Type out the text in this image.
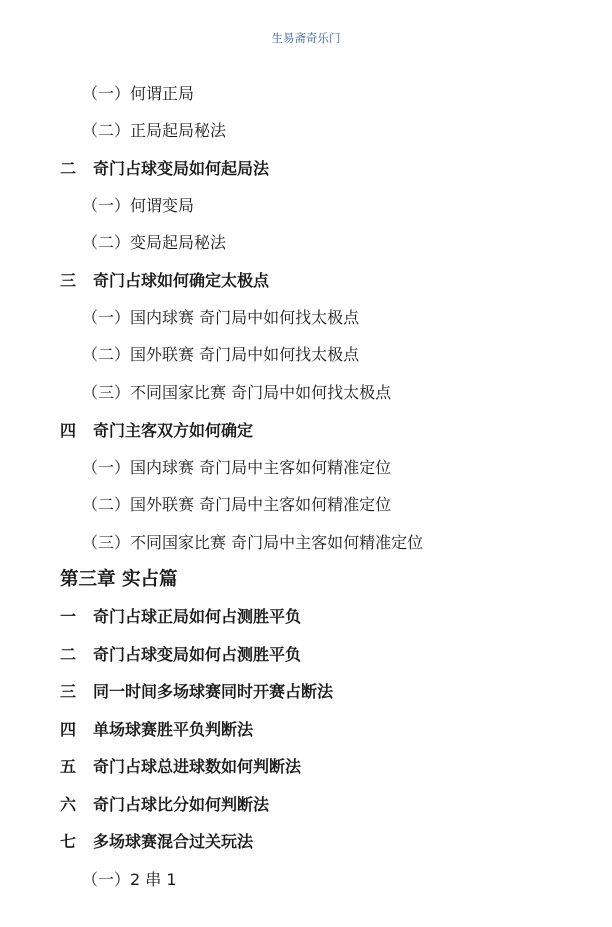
生易斋奇乐门
（一）何谓正局
（二）正局起局秘法
二 奇门占球变局如何起局法
（一）何谓变局
（二）变局起局秘法
三 奇门占球如何确定太极点
（一）国内球赛 奇门局中如何找太极点
（二）国外联赛 奇门局中如何找太极点
（三）不同国家比赛 奇门局中如何找太极点
四 奇门主客双方如何确定
（一）国内球赛 奇门局中主客如何精准定位
（二）国外联赛 奇门局中主客如何精准定位
（三）不同国家比赛 奇门局中主客如何精准定位
第三章 实占篇
一 奇门占球正局如何占测胜平负
二 奇门占球变局如何占测胜平负
三 同一时间多场球赛同时开赛占断法
四 单场球赛胜平负判断法
五 奇门占球总进球数如何判断法
六 奇门占球比分如何判断法
七 多场球赛混合过关玩法
（一）2 串 1
